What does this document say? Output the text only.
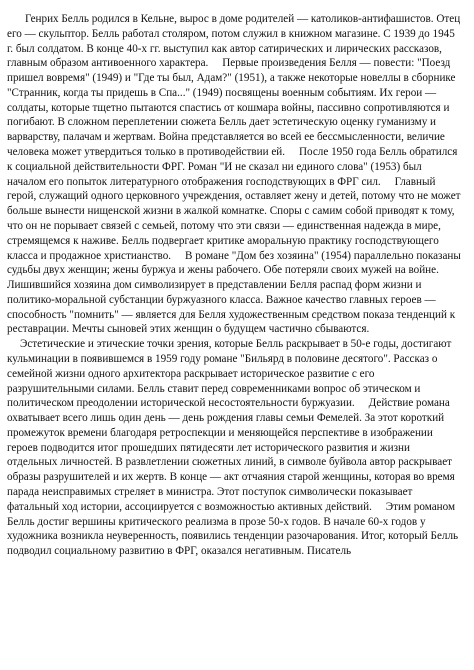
Генрих Белль родился в Кельне, вырос в доме родителей — католиков-антифашистов. Отец его — скульптор. Белль работал столяром, потом служил в книжном магазине. С 1939 до 1945 г. был солдатом. В конце 40-х гг. выступил как автор сатирических и лирических рассказов, главным образом антивоенного характера.     Первые произведения Белля — повести: "Поезд пришел вовремя" (1949) и "Где ты был, Адам?" (1951), а также некоторые новеллы в сборнике "Странник, когда ты придешь в Спа..." (1949) посвящены военным событиям. Их герои — солдаты, которые тщетно пытаются спастись от кошмара войны, пассивно сопротивляются и погибают. В сложном переплетении сюжета Белль дает эстетическую оценку гуманизму и варварству, палачам и жертвам. Война представляется во всей ее бессмысленности, величие человека может утвердиться только в противодействии ей.     После 1950 года Белль обратился к социальной действительности ФРГ. Роман "И не сказал ни единого слова" (1953) был началом его попыток литературного отображения господствующих в ФРГ сил.     Главный герой, служащий одного церковного учреждения, оставляет жену и детей, потому что не может больше вынести нищенской жизни в жалкой комнатке. Споры с самим собой приводят к тому, что он не порывает связей с семьей, потому что эти связи — единственная надежда в мире, стремящемся к наживе. Белль подвергает критике аморальную практику господствующего класса и продажное христианство.     В романе "Дом без хозяина" (1954) параллельно показаны судьбы двух женщин; жены буржуа и жены рабочего. Обе потеряли своих мужей на войне. Лишившийся хозяина дом символизирует в представлении Белля распад форм жизни и политико-моральной субстанции буржуазного класса. Важное качество главных героев — способность "помнить" — является для Белля художественным средством показа тенденций к реставрации. Мечты сыновей этих женщин о будущем частично сбываются.

Эстетические и этические точки зрения, которые Белль раскрывает в 50-е годы, достигают кульминации в появившемся в 1959 году романе "Бильярд в половине десятого". Рассказ о семейной жизни одного архитектора раскрывает историческое развитие с его разрушительными силами. Белль ставит перед современниками вопрос об этическом и политическом преодолении исторической несостоятельности буржуазии.     Действие романа охватывает всего лишь один день — день рождения главы семьи Фемелей. За этот короткий промежуток времени благодаря ретроспекции и меняющейся перспективе в изображении героев подводится итог прошедших пятидесяти лет исторического развития и жизни отдельных личностей. В развлетлении сюжетных линий, в символе буйвола автор раскрывает образы разрушителей и их жертв. В конце — акт отчаяния старой женщины, которая во время парада неисправимых стреляет в министра. Этот поступок символически показывает фатальный ход истории, ассоциируется с возможностью активных действий.     Этим романом Белль достиг вершины критического реализма в прозе 50-х годов. В начале 60-х годов у художника возникла неуверенность, появились тенденции разочарования. Итог, который Белль подводил социальному развитию в ФРГ, оказался негативным. Писатель
